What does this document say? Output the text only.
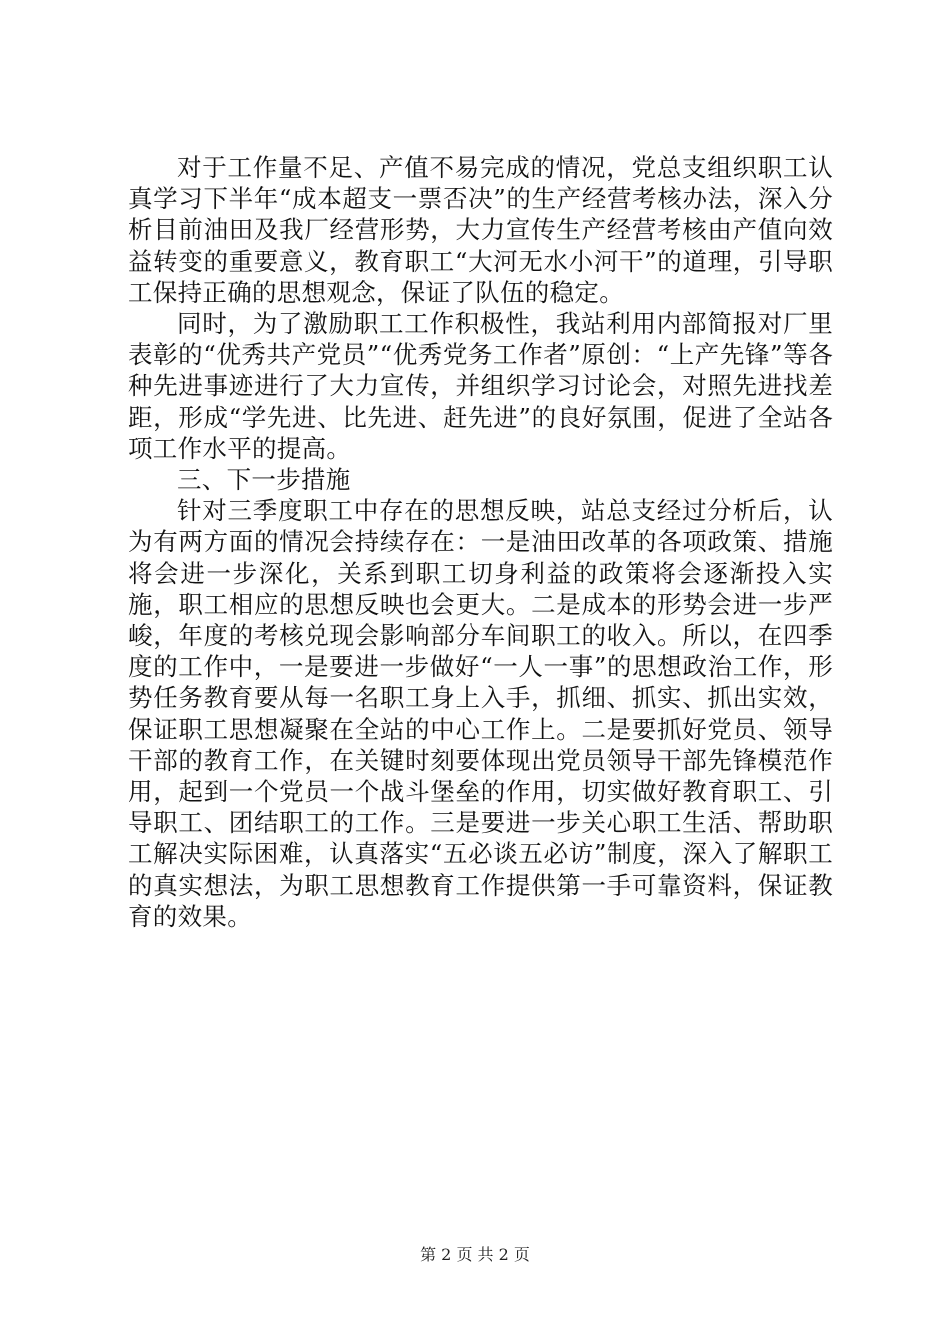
对于工作量不足、产值不易完成的情况，党总支组织职工认真学习下半年“成本超支一票否决”的生产经营考核办法，深入分析目前油田及我厂经营形势，大力宣传生产经营考核由产值向效益转变的重要意义，教育职工“大河无水小河干”的道理，引导职工保持正确的思想观念，保证了队伍的稳定。

同时，为了激励职工工作积极性，我站利用内部简报对厂里表彰的“优秀共产党员”“优秀党务工作者”原创：“上产先锋”等各种先进事迹进行了大力宣传，并组织学习讨论会，对照先进找差距，形成“学先进、比先进、赶先进”的良好氛围，促进了全站各项工作水平的提高。

三、下一步措施

针对三季度职工中存在的思想反映，站总支经过分析后，认为有两方面的情况会持续存在：一是油田改革的各项政策、措施将会进一步深化，关系到职工切身利益的政策将会逐渐投入实施，职工相应的思想反映也会更大。二是成本的形势会进一步严峻，年度的考核兑现会影响部分车间职工的收入。所以，在四季度的工作中，一是要进一步做好“一人一事”的思想政治工作，形势任务教育要从每一名职工身上入手，抓细、抓实、抓出实效，保证职工思想凝聚在全站的中心工作上。二是要抓好党员、领导干部的教育工作，在关键时刻要体现出党员领导干部先锋模范作用，起到一个党员一个战斗堡垒的作用，切实做好教育职工、引导职工、团结职工的工作。三是要进一步关心职工生活、帮助职工解决实际困难，认真落实“五必谈五必访”制度，深入了解职工的真实想法，为职工思想教育工作提供第一手可靠资料，保证教育的效果。

第 2 页 共 2 页
